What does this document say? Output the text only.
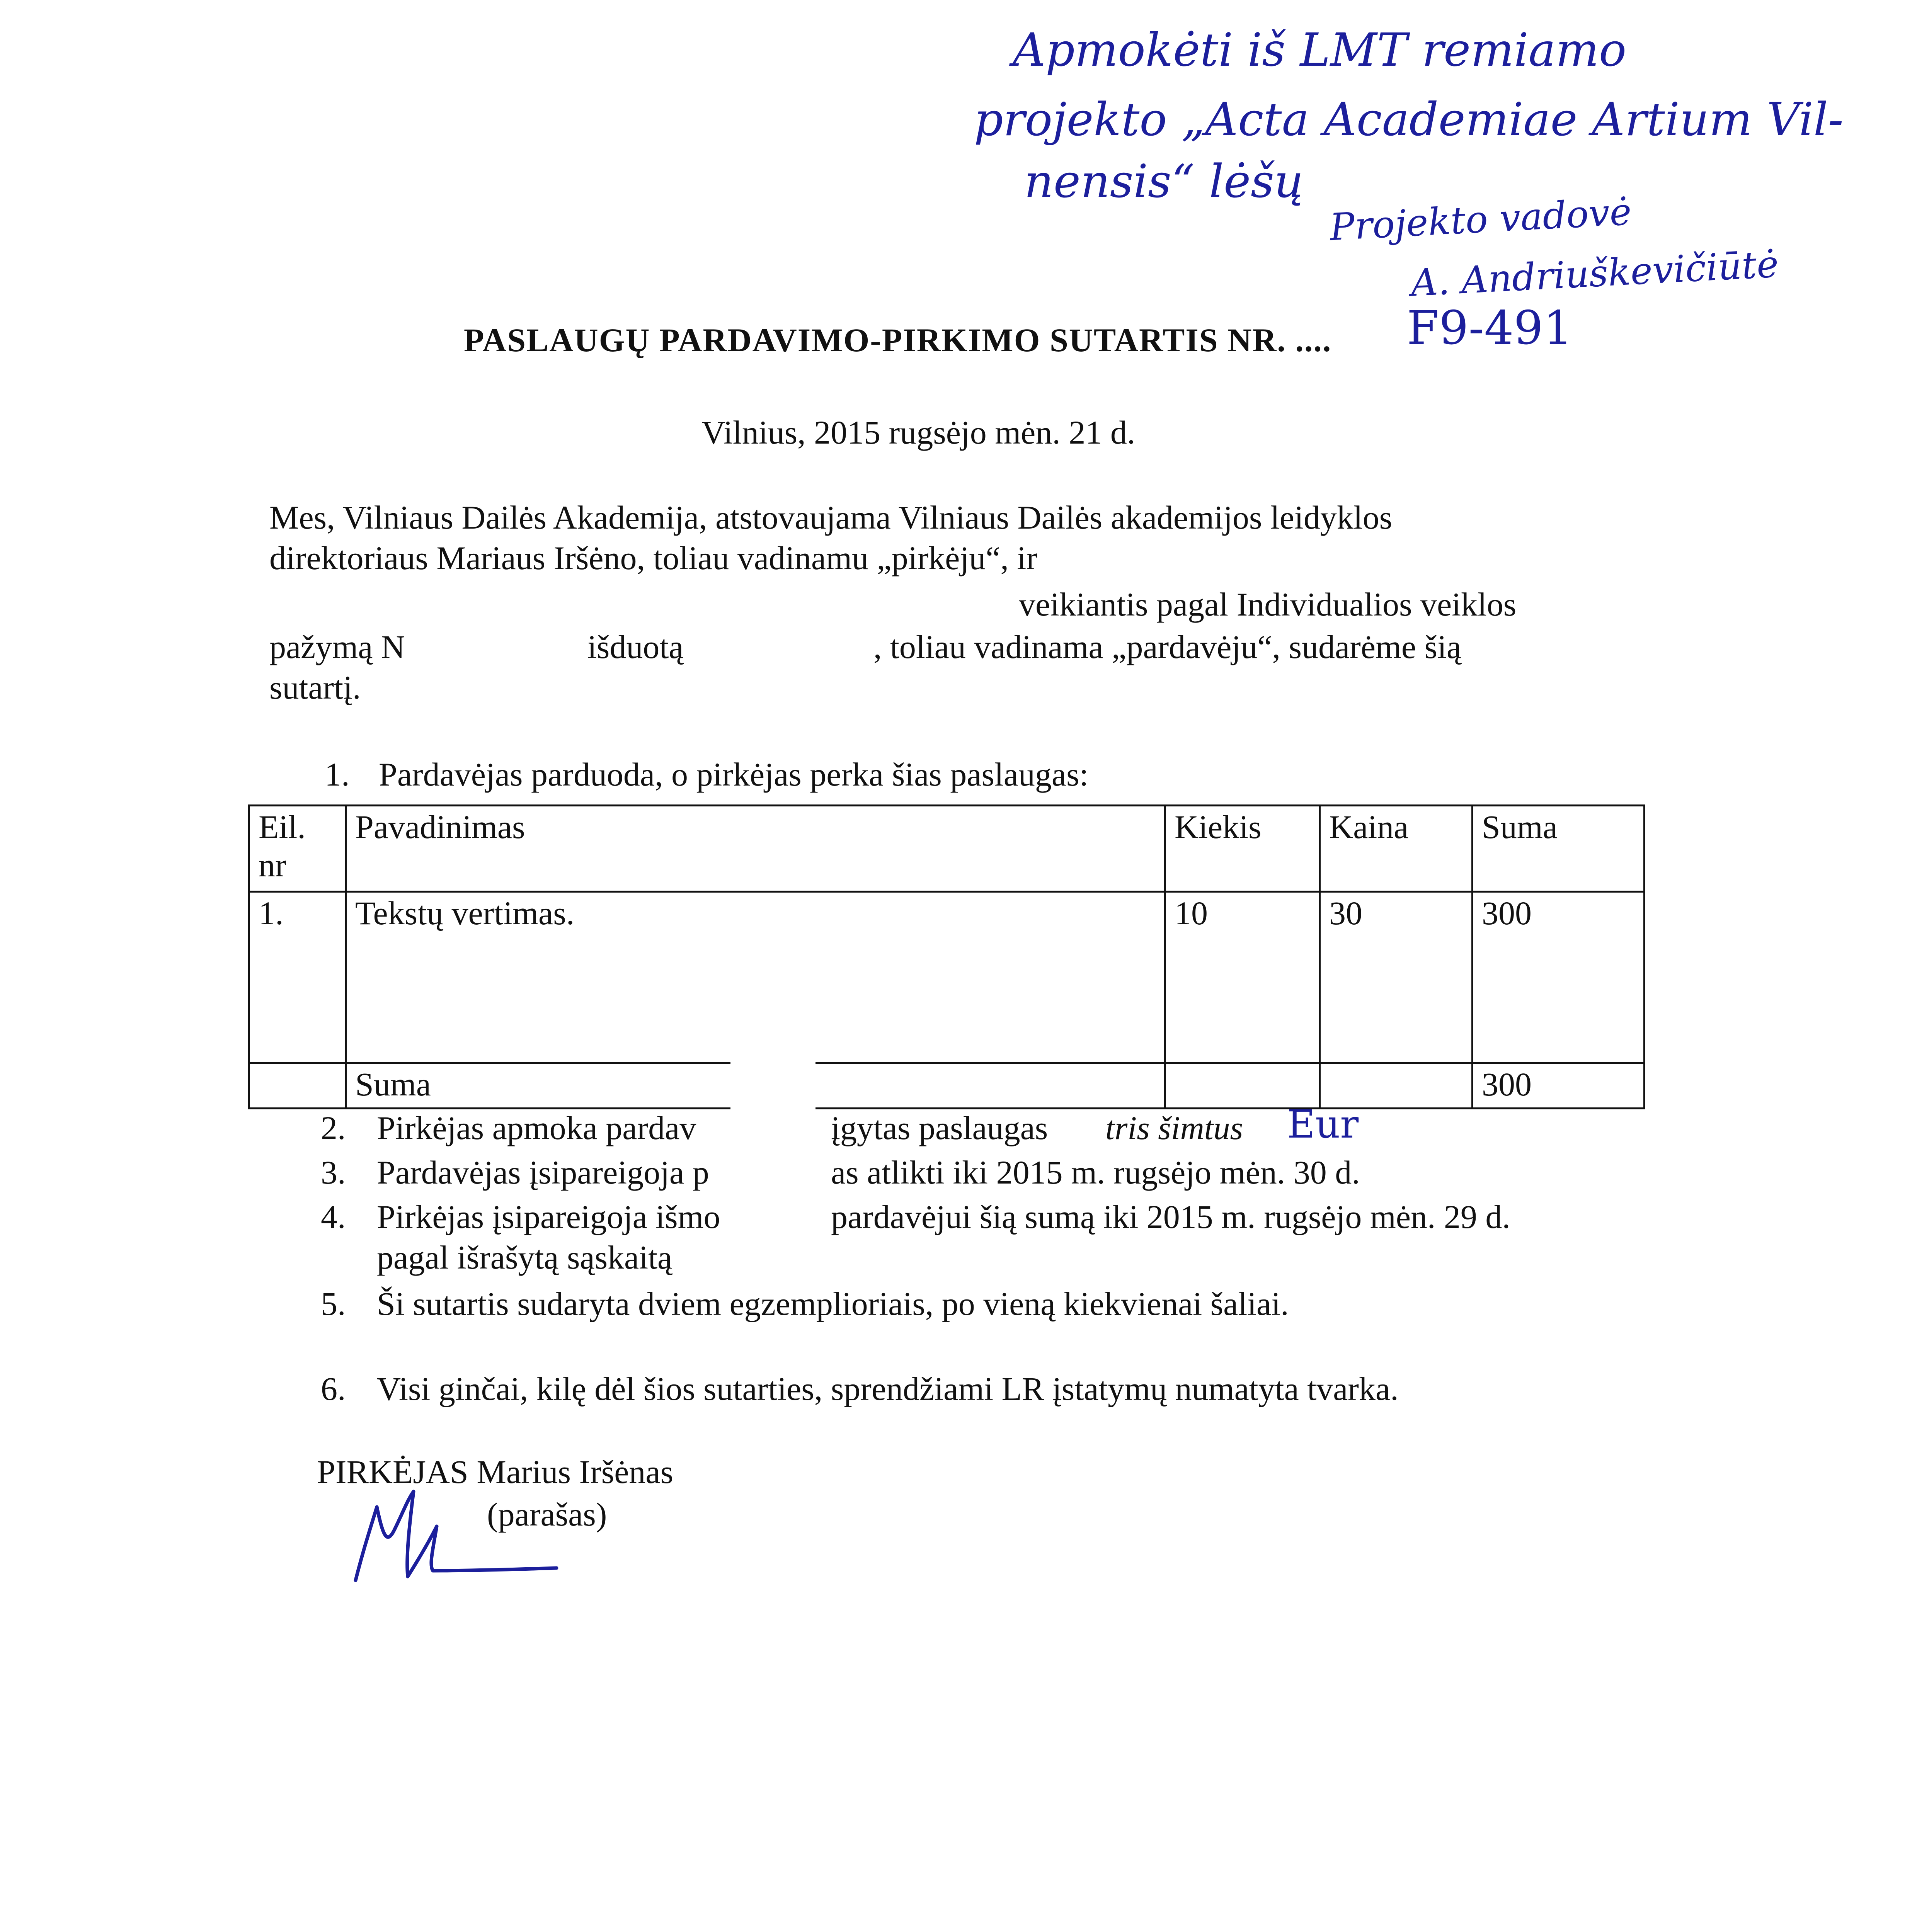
Apmokėti iš LMT remiamo
projekto „Acta Academiae Artium Vil-
nensis“ lėšų
Projekto vadovė
A. Andriuškevičiūtė
PASLAUGŲ PARDAVIMO-PIRKIMO SUTARTIS NR. .... F9-491
Vilnius, 2015 rugsėjo mėn. 21 d.
Mes, Vilniaus Dailės Akademija, atstovaujama Vilniaus Dailės akademijos leidyklos
direktoriaus Mariaus Iršėno, toliau vadinamu „pirkėju“, ir
veikiantis pagal Individualios veiklos
pažymą N	išduotą	, toliau vadinama „pardavėju“, sudarėme šią
sutartį.
1. Pardavėjas parduoda, o pirkėjas perka šias paslaugas:
Eil. nr	Pavadinimas	Kiekis	Kaina	Suma
1.	Tekstų vertimas.	10	30	300
	Suma			300
2. Pirkėjas apmoka pardav	įgytas paslaugas tris šimtus Eur
3. Pardavėjas įsipareigoja p	as atlikti iki 2015 m. rugsėjo mėn. 30 d.
4. Pirkėjas įsipareigoja išmo	pardavėjui šią sumą iki 2015 m. rugsėjo mėn. 29 d.
pagal išrašytą sąskaitą
5. Ši sutartis sudaryta dviem egzemplioriais, po vieną kiekvienai šaliai.
6. Visi ginčai, kilę dėl šios sutarties, sprendžiami LR įstatymų numatyta tvarka.
PIRKĖJAS Marius Iršėnas
(parašas)
